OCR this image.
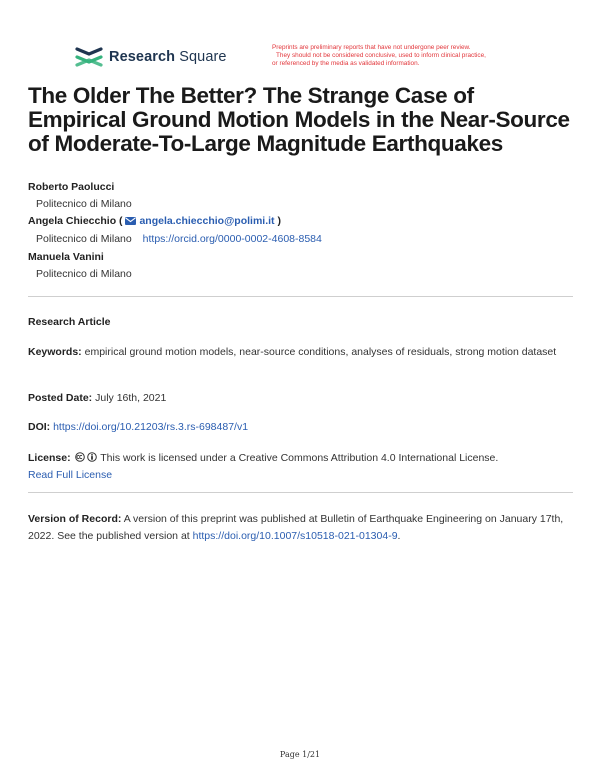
Research Square
Preprints are preliminary reports that have not undergone peer review.
They should not be considered conclusive, used to inform clinical practice,
or referenced by the media as validated information.
The Older The Better? The Strange Case of
Empirical Ground Motion Models in the Near-Source
of Moderate-To-Large Magnitude Earthquakes
Roberto Paolucci
Politecnico di Milano
Angela Chiecchio ( angela.chiecchio@polimi.it )
Politecnico di Milano https://orcid.org/0000-0002-4608-8584
Manuela Vanini
Politecnico di Milano
Research Article
Keywords: empirical ground motion models, near-source conditions, analyses of residuals, strong motion dataset
Posted Date: July 16th, 2021
DOI: https://doi.org/10.21203/rs.3.rs-698487/v1
License:	This work is licensed under a Creative Commons Attribution 4.0 International License.
Read Full License
Version of Record: A version of this preprint was published at Bulletin of Earthquake Engineering on January 17th, 2022. See the published version at https://doi.org/10.1007/s10518-021-01304-9.
Page 1/21
